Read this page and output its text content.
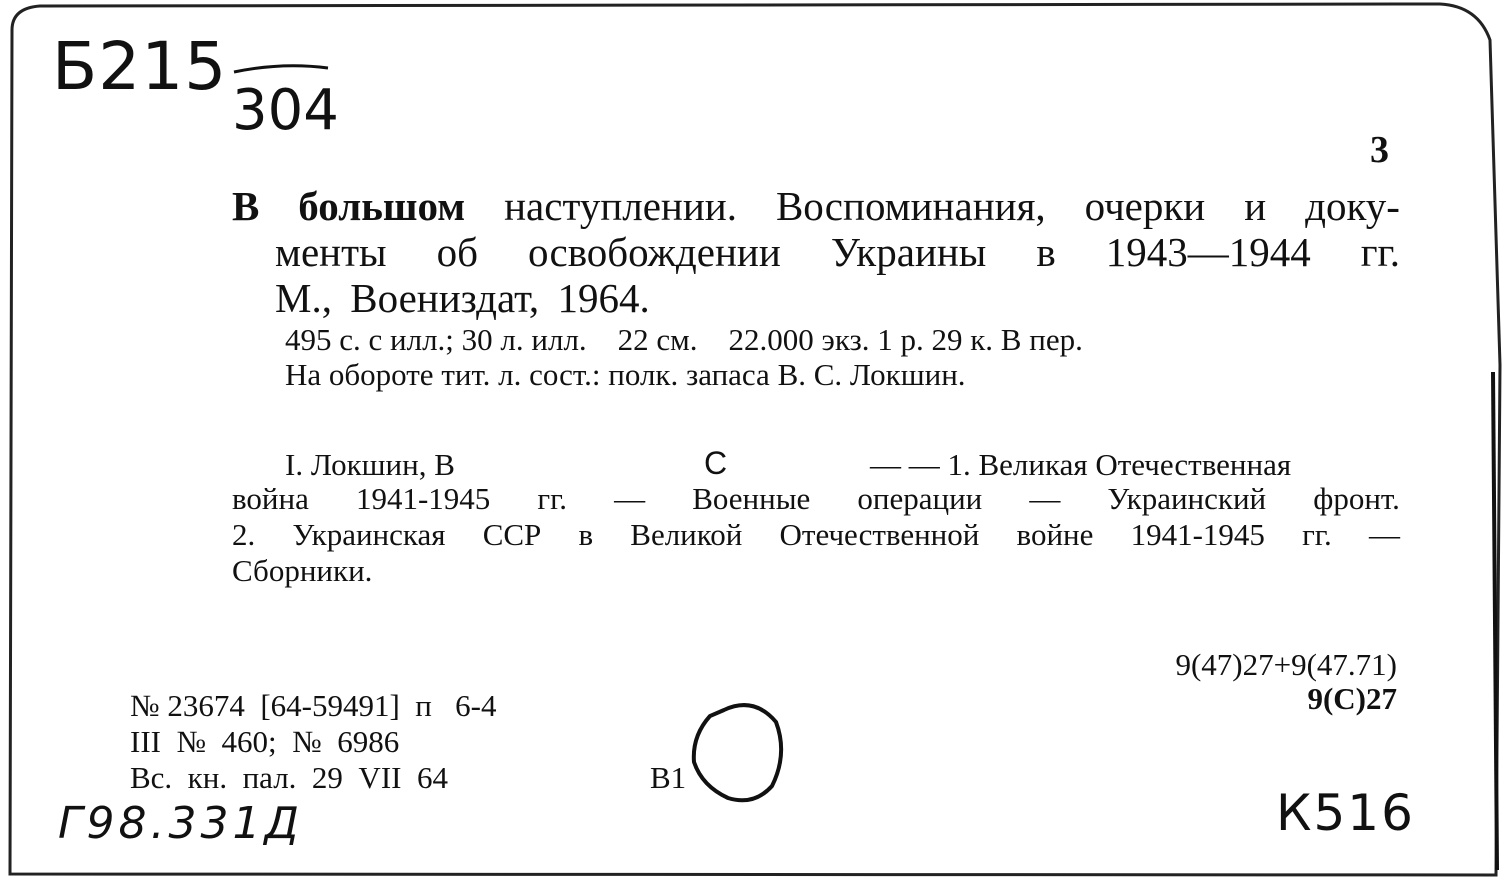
Б215
304
3
В большом наступлении. Воспоминания, очерки и доку-
менты об освобождении Украины в 1943—1944 гг.
М., Воениздат, 1964.
495 с. с илл.; 30 л. илл.    22 см.    22.000 экз. 1 р. 29 к. В пер.
На обороте тит. л. сост.: полк. запаса В. С. Локшин.
I. Локшин, В	С	— — 1. Великая Отечественная
война 1941-1945 гг. — Военные операции — Украинский фронт.
2. Украинская ССР в Великой Отечественной войне 1941-1945 гг. —
Сборники.
9(47)27+9(47.71)
9(С)27
№ 23674  [64-59491]  п   6-4
III  №  460;  №  6986
Вс.  кн.  пал.  29  VII  64	В1
Г98.331Д	К516
